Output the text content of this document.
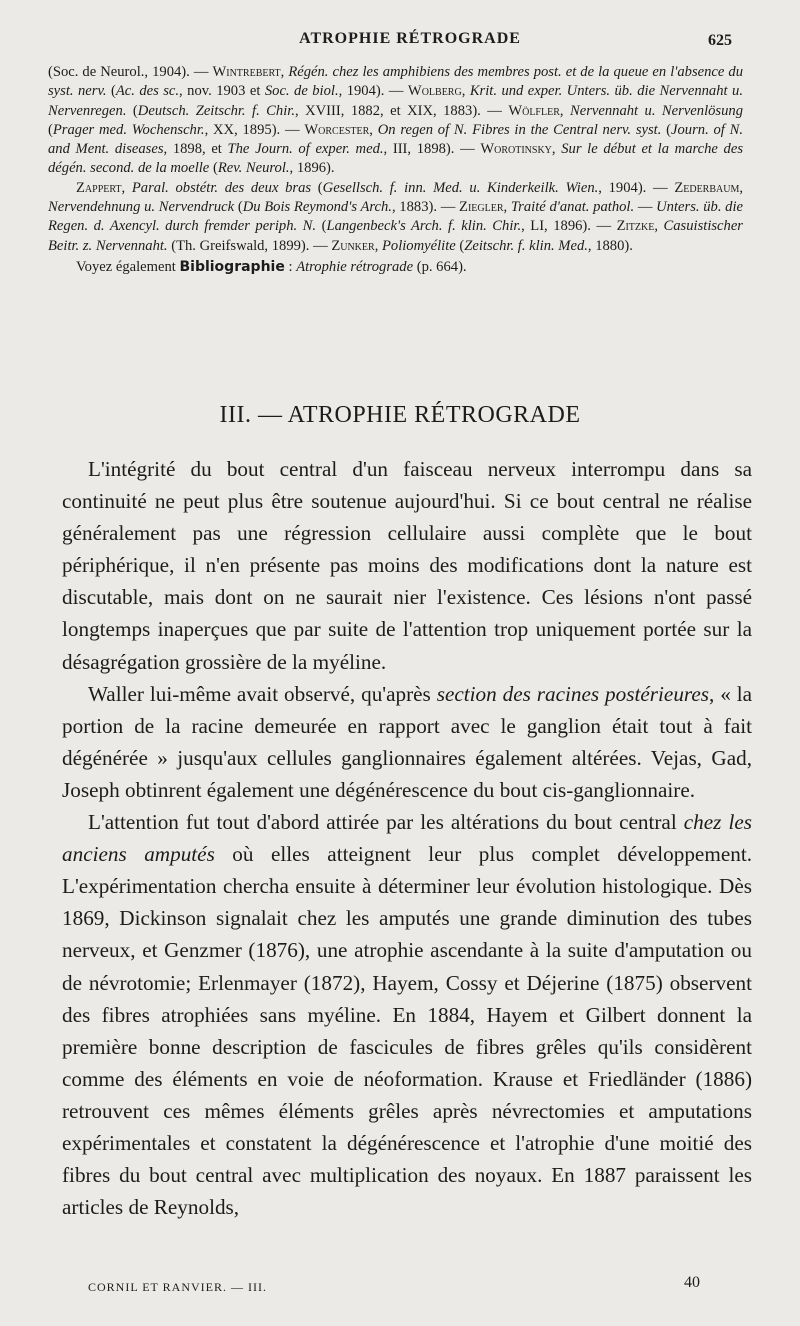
ATROPHIE RÉTROGRADE	625

(Soc. de Neurol., 1904). — Wintrebert, Régén. chez les amphibiens des membres post. et de la queue en l'absence du syst. nerv. (Ac. des sc., nov. 1903 et Soc. de biol., 1904). — Wolberg, Krit. und exper. Unters. üb. die Nervennaht u. Nervenregen. (Deutsch. Zeitschr. f. Chir., XVIII, 1882, et XIX, 1883). — Wölfler, Nervennaht u. Nervenlösung (Prager med. Wochenschr., XX, 1895). — Worcester, On regen of N. Fibres in the Central nerv. syst. (Journ. of N. and Ment. diseases, 1898, et The Journ. of exper. med., III, 1898). — Worotinsky, Sur le début et la marche des dégén. second. de la moelle (Rev. Neurol., 1896).

Zappert, Paral. obstétr. des deux bras (Gesellsch. f. inn. Med. u. Kinderkeilk. Wien., 1904). — Zederbaum, Nervendehnung u. Nervendruck (Du Bois Reymond's Arch., 1883). — Ziegler, Traité d'anat. pathol. — Unters. üb. die Regen. d. Axencyl. durch fremder periph. N. (Langenbeck's Arch. f. klin. Chir., LI, 1896). — Zitzke, Casuistischer Beitr. z. Nervennaht. (Th. Greifswald, 1899). — Zunker, Poliomyélite (Zeitschr. f. klin. Med., 1880).

Voyez également Bibliographie : Atrophie rétrograde (p. 664).

III. — ATROPHIE RÉTROGRADE

L'intégrité du bout central d'un faisceau nerveux interrompu dans sa continuité ne peut plus être soutenue aujourd'hui. Si ce bout central ne réalise généralement pas une régression cellulaire aussi complète que le bout périphérique, il n'en présente pas moins des modifications dont la nature est discutable, mais dont on ne saurait nier l'existence. Ces lésions n'ont passé longtemps inaperçues que par suite de l'attention trop uniquement portée sur la désagrégation grossière de la myéline.

Waller lui-même avait observé, qu'après section des racines postérieures, « la portion de la racine demeurée en rapport avec le ganglion était tout à fait dégénérée » jusqu'aux cellules ganglionnaires également altérées. Vejas, Gad, Joseph obtinrent également une dégénérescence du bout cis-ganglionnaire.

L'attention fut tout d'abord attirée par les altérations du bout central chez les anciens amputés où elles atteignent leur plus complet développement. L'expérimentation chercha ensuite à déterminer leur évolution histologique. Dès 1869, Dickinson signalait chez les amputés une grande diminution des tubes nerveux, et Genzmer (1876), une atrophie ascendante à la suite d'amputation ou de névrotomie; Erlenmayer (1872), Hayem, Cossy et Déjerine (1875) observent des fibres atrophiées sans myéline. En 1884, Hayem et Gilbert donnent la première bonne description de fascicules de fibres grêles qu'ils considèrent comme des éléments en voie de néoformation. Krause et Friedländer (1886) retrouvent ces mêmes éléments grêles après névrectomies et amputations expérimentales et constatent la dégénérescence et l'atrophie d'une moitié des fibres du bout central avec multiplication des noyaux. En 1887 paraissent les articles de Reynolds,

CORNIL ET RANVIER. — III.	40
